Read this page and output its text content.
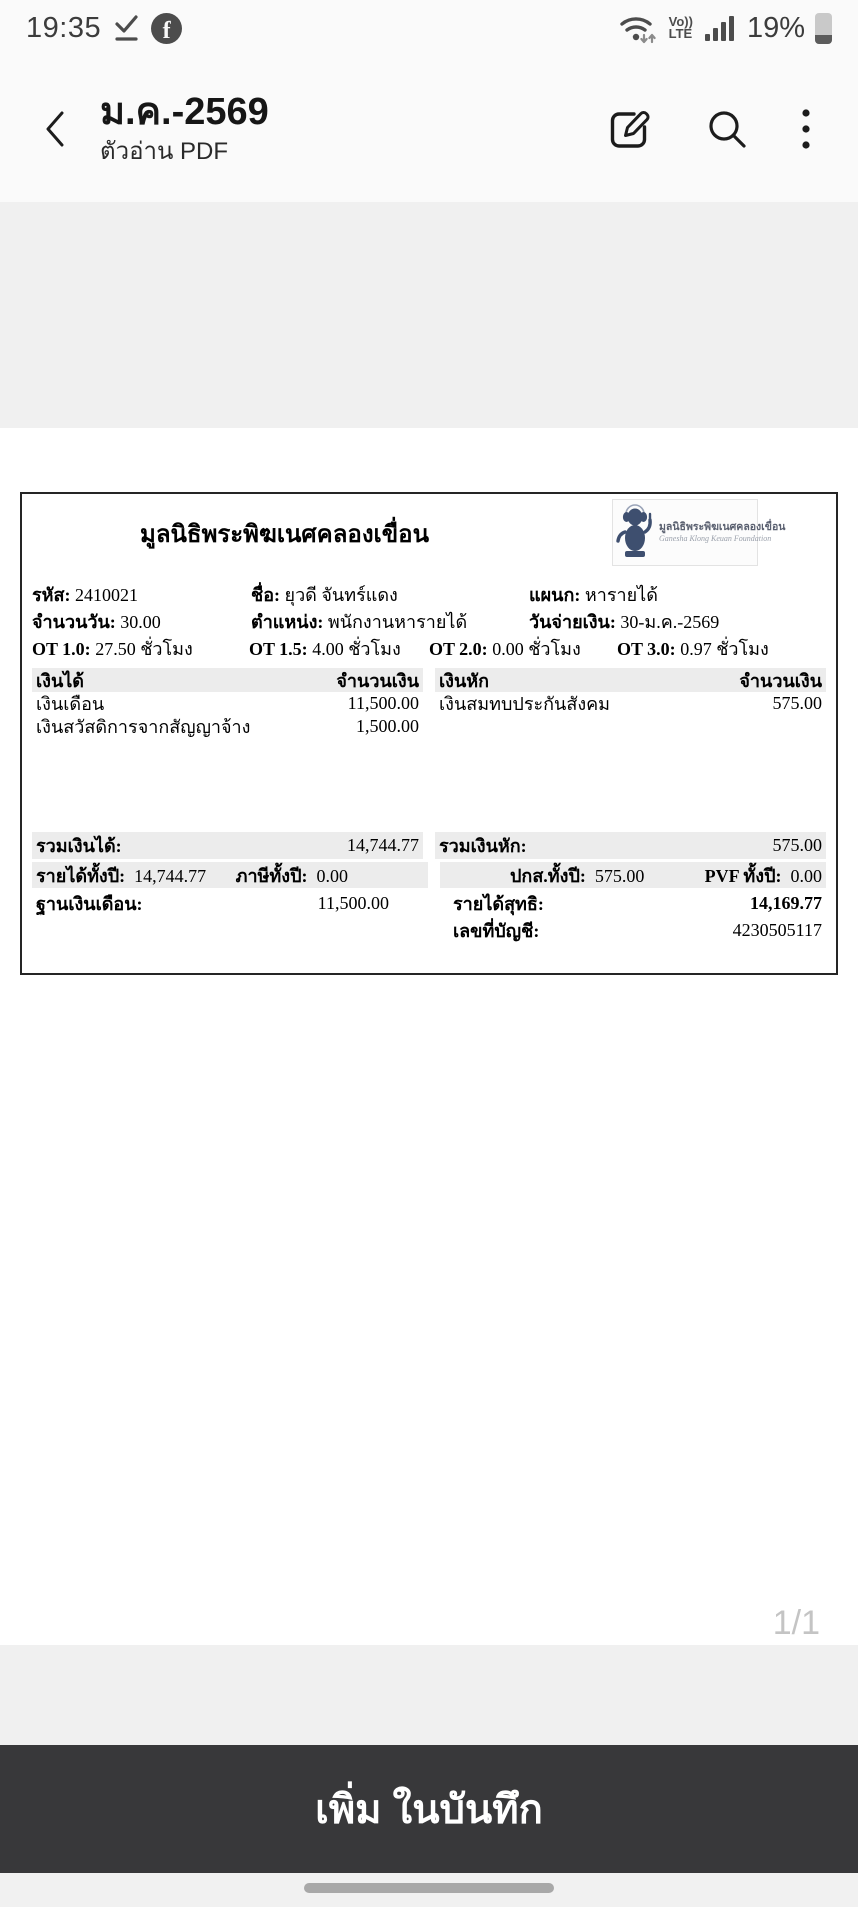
19:35	f	Vo))
LTE 19%
ม.ค.-2569
ตัวอ่าน PDF
มูลนิธิพระพิฆเนศคลองเขื่อน	มูลนิธิพระพิฆเนศคลองเขื่อน
Ganesha Klong Keuan Foundation
รหัส: 2410021	ชื่อ: ยุวดี จันทร์แดง	แผนก: หารายได้
จำนวนวัน: 30.00	ตำแหน่ง: พนักงานหารายได้	วันจ่ายเงิน: 30-ม.ค.-2569
OT 1.0: 27.50 ชั่วโมง	OT 1.5: 4.00 ชั่วโมง	OT 2.0: 0.00 ชั่วโมง	OT 3.0: 0.97 ชั่วโมง
เงินได้	จำนวนเงิน
เงินเดือน	11,500.00
เงินสวัสดิการจากสัญญาจ้าง	1,500.00
เงินหัก	จำนวนเงิน
เงินสมทบประกันสังคม	575.00
รวมเงินได้:	14,744.77 รวมเงินหัก:	575.00
รายได้ทั้งปี: 14,744.77 ภาษีทั้งปี: 0.00	ปกส.ทั้งปี: 575.00	PVF ทั้งปี: 0.00
ฐานเงินเดือน:	11,500.00	รายได้สุทธิ:	14,169.77
เลขที่บัญชี:	4230505117
1/1
เพิ่ม ในบันทึก
